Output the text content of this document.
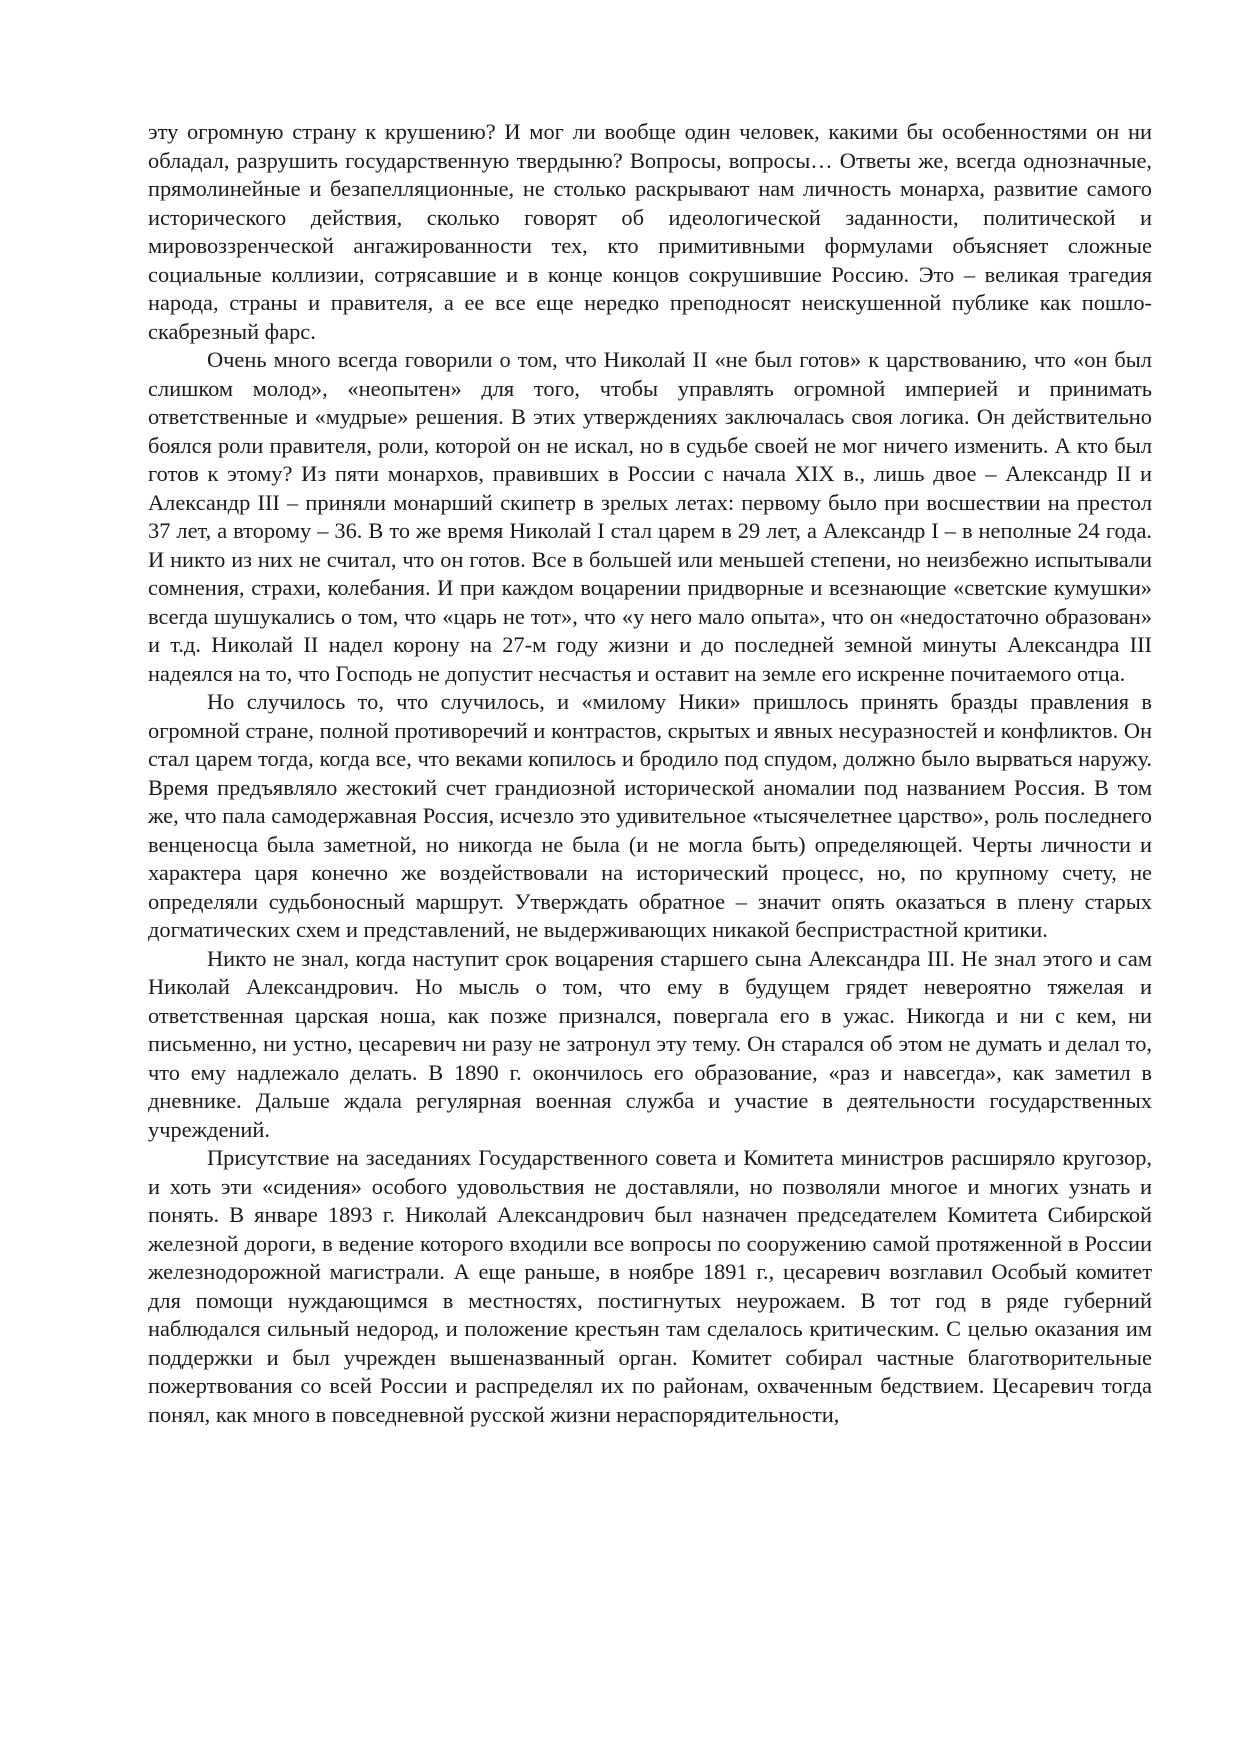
эту огромную страну к крушению? И мог ли вообще один человек, какими бы особенностями он ни обладал, разрушить государственную твердыню? Вопросы, вопросы… Ответы же, всегда однозначные, прямолинейные и безапелляционные, не столько раскрывают нам личность монарха, развитие самого исторического действия, сколько говорят об идеологической заданности, политической и мировоззренческой ангажированности тех, кто примитивными формулами объясняет сложные социальные коллизии, сотрясавшие и в конце концов сокрушившие Россию. Это – великая трагедия народа, страны и правителя, а ее все еще нередко преподносят неискушенной публике как пошло-скабрезный фарс.

Очень много всегда говорили о том, что Николай II «не был готов» к царствованию, что «он был слишком молод», «неопытен» для того, чтобы управлять огромной империей и принимать ответственные и «мудрые» решения. В этих утверждениях заключалась своя логика. Он действительно боялся роли правителя, роли, которой он не искал, но в судьбе своей не мог ничего изменить. А кто был готов к этому? Из пяти монархов, правивших в России с начала XIX в., лишь двое – Александр II и Александр III – приняли монарший скипетр в зрелых летах: первому было при восшествии на престол 37 лет, а второму – 36. В то же время Николай I стал царем в 29 лет, а Александр I – в неполные 24 года. И никто из них не считал, что он готов. Все в большей или меньшей степени, но неизбежно испытывали сомнения, страхи, колебания. И при каждом воцарении придворные и всезнающие «светские кумушки» всегда шушукались о том, что «царь не тот», что «у него мало опыта», что он «недостаточно образован» и т.д. Николай II надел корону на 27-м году жизни и до последней земной минуты Александра III надеялся на то, что Господь не допустит несчастья и оставит на земле его искренне почитаемого отца.

Но случилось то, что случилось, и «милому Ники» пришлось принять бразды правления в огромной стране, полной противоречий и контрастов, скрытых и явных несуразностей и конфликтов. Он стал царем тогда, когда все, что веками копилось и бродило под спудом, должно было вырваться наружу. Время предъявляло жестокий счет грандиозной исторической аномалии под названием Россия. В том же, что пала самодержавная Россия, исчезло это удивительное «тысячелетнее царство», роль последнего венценосца была заметной, но никогда не была (и не могла быть) определяющей. Черты личности и характера царя конечно же воздействовали на исторический процесс, но, по крупному счету, не определяли судьбоносный маршрут. Утверждать обратное – значит опять оказаться в плену старых догматических схем и представлений, не выдерживающих никакой беспристрастной критики.

Никто не знал, когда наступит срок воцарения старшего сына Александра III. Не знал этого и сам Николай Александрович. Но мысль о том, что ему в будущем грядет невероятно тяжелая и ответственная царская ноша, как позже признался, повергала его в ужас. Никогда и ни с кем, ни письменно, ни устно, цесаревич ни разу не затронул эту тему. Он старался об этом не думать и делал то, что ему надлежало делать. В 1890 г. окончилось его образование, «раз и навсегда», как заметил в дневнике. Дальше ждала регулярная военная служба и участие в деятельности государственных учреждений.

Присутствие на заседаниях Государственного совета и Комитета министров расширяло кругозор, и хоть эти «сидения» особого удовольствия не доставляли, но позволяли многое и многих узнать и понять. В январе 1893 г. Николай Александрович был назначен председателем Комитета Сибирской железной дороги, в ведение которого входили все вопросы по сооружению самой протяженной в России железнодорожной магистрали. А еще раньше, в ноябре 1891 г., цесаревич возглавил Особый комитет для помощи нуждающимся в местностях, постигнутых неурожаем. В тот год в ряде губерний наблюдался сильный недород, и положение крестьян там сделалось критическим. С целью оказания им поддержки и был учрежден вышеназванный орган. Комитет собирал частные благотворительные пожертвования со всей России и распределял их по районам, охваченным бедствием. Цесаревич тогда понял, как много в повседневной русской жизни нераспорядительности,
